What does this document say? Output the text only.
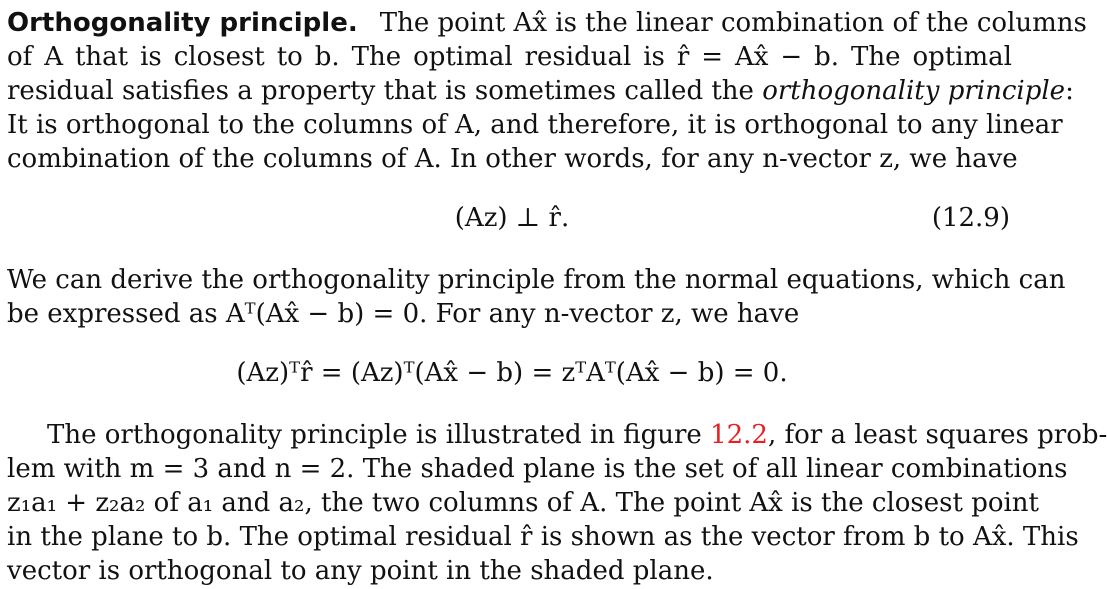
Orthogonality principle. The point Ax̂ is the linear combination of the columns
of A that is closest to b. The optimal residual is r̂ = Ax̂ − b. The optimal
residual satisfies a property that is sometimes called the orthogonality principle:
It is orthogonal to the columns of A, and therefore, it is orthogonal to any linear
combination of the columns of A. In other words, for any n-vector z, we have
(Az) ⊥ r̂.	(12.9)
We can derive the orthogonality principle from the normal equations, which can
be expressed as Aᵀ(Ax̂ − b) = 0. For any n-vector z, we have
(Az)ᵀr̂ = (Az)ᵀ(Ax̂ − b) = zᵀAᵀ(Ax̂ − b) = 0.
The orthogonality principle is illustrated in figure 12.2, for a least squares prob-
lem with m = 3 and n = 2. The shaded plane is the set of all linear combinations
z₁a₁ + z₂a₂ of a₁ and a₂, the two columns of A. The point Ax̂ is the closest point
in the plane to b. The optimal residual r̂ is shown as the vector from b to Ax̂. This
vector is orthogonal to any point in the shaded plane.
